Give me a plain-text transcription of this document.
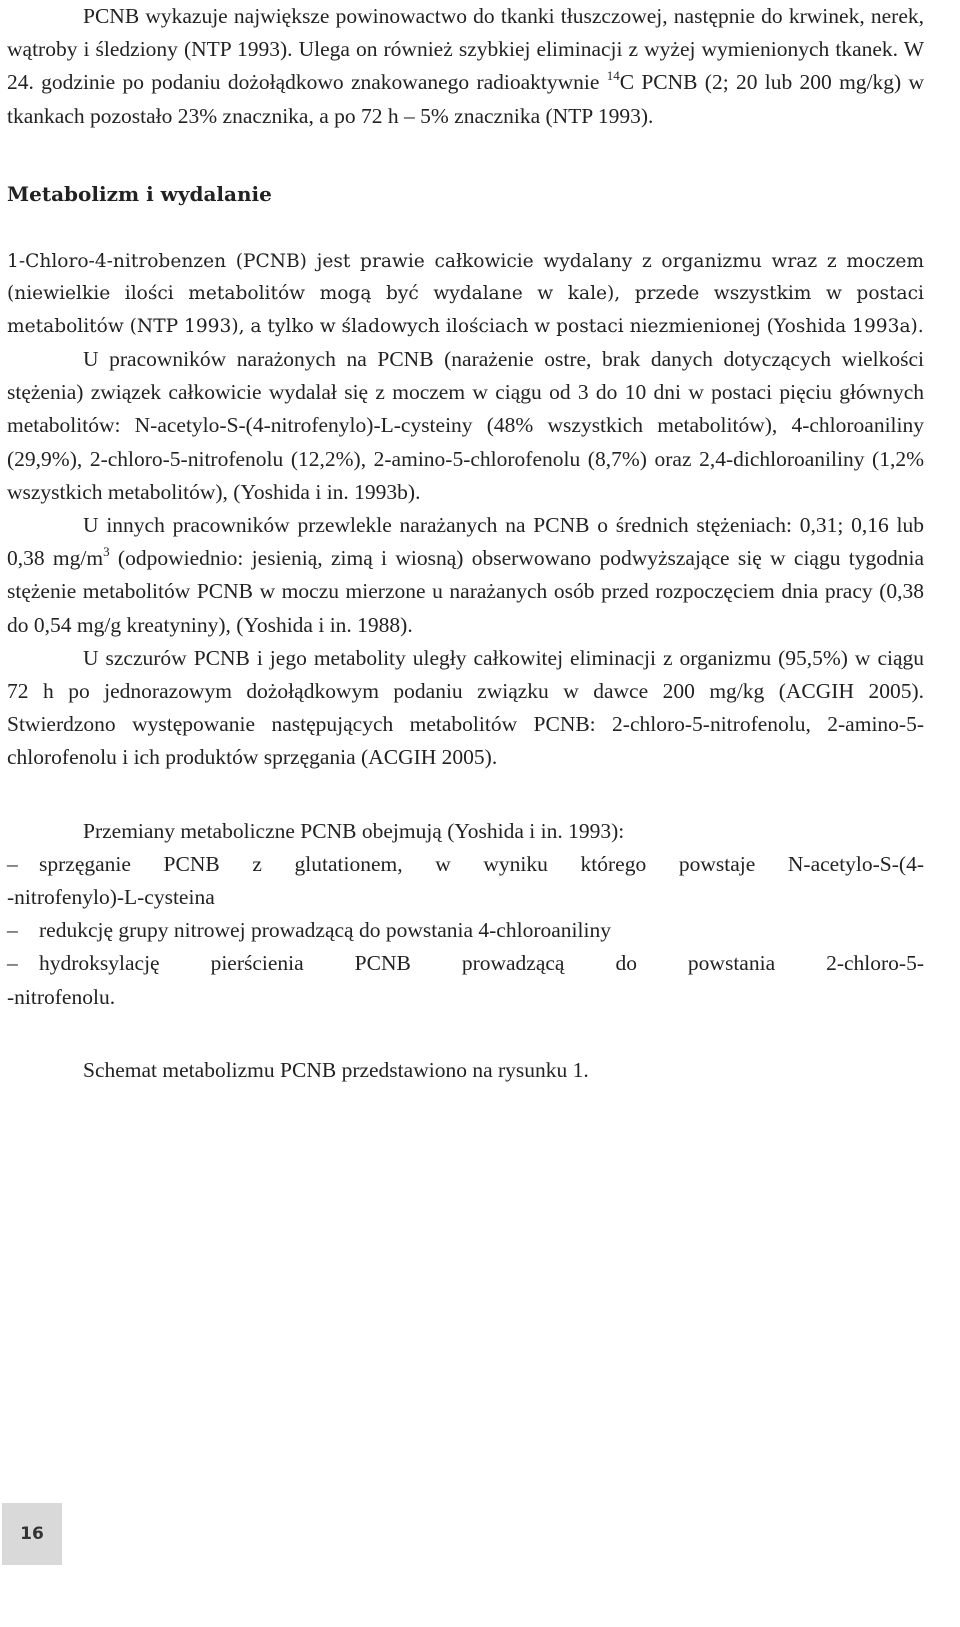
PCNB wykazuje największe powinowactwo do tkanki tłuszczowej, następnie do krwinek, nerek, wątroby i śledziony (NTP 1993). Ulega on również szybkiej eliminacji z wyżej wymienionych tkanek. W 24. godzinie po podaniu dożołądkowo znakowanego radioaktywnie $^{14}$C PCNB (2; 20 lub 200 mg/kg) w tkankach pozostało 23% znacznika, a po 72 h – 5% znacznika (NTP 1993).

Metabolizm i wydalanie

1-Chloro-4-nitrobenzen (PCNB) jest prawie całkowicie wydalany z organizmu wraz z moczem (niewielkie ilości metabolitów mogą być wydalane w kale), przede wszystkim w postaci metabolitów (NTP 1993), a tylko w śladowych ilościach w postaci niezmienionej (Yoshida 1993a).

U pracowników narażonych na PCNB (narażenie ostre, brak danych dotyczących wielkości stężenia) związek całkowicie wydalał się z moczem w ciągu od 3 do 10 dni w postaci pięciu głównych metabolitów: N-acetylo-S-(4-nitrofenylo)-L-cysteiny (48% wszystkich metabolitów), 4-chloroaniliny (29,9%), 2-chloro-5-nitrofenolu (12,2%), 2-amino-5-chlorofenolu (8,7%) oraz 2,4-dichloroaniliny (1,2% wszystkich metabolitów), (Yoshida i in. 1993b).

U innych pracowników przewlekle narażanych na PCNB o średnich stężeniach: 0,31; 0,16 lub 0,38 $mg/m^3$ (odpowiednio: jesienią, zimą i wiosną) obserwowano podwyższające się w ciągu tygodnia stężenie metabolitów PCNB w moczu mierzone u narażanych osób przed rozpoczęciem dnia pracy (0,38 do 0,54 mg/g kreatyniny), (Yoshida i in. 1988).

U szczurów PCNB i jego metabolity uległy całkowitej eliminacji z organizmu (95,5%) w ciągu 72 h po jednorazowym dożołądkowym podaniu związku w dawce 200 mg/kg (ACGIH 2005). Stwierdzono występowanie następujących metabolitów PCNB: 2-chloro-5-nitrofenolu, 2-amino-5-chlorofenolu i ich produktów sprzęgania (ACGIH 2005).

Przemiany metaboliczne PCNB obejmują (Yoshida i in. 1993):

– sprzęganie PCNB z glutationem, w wyniku którego powstaje N-acetylo-S-(4-
-nitrofenylo)-L-cysteina
– redukcję grupy nitrowej prowadzącą do powstania 4-chloroaniliny
– hydroksylację pierścienia PCNB prowadzącą do powstania 2-chloro-5-
-nitrofenolu.

Schemat metabolizmu PCNB przedstawiono na rysunku 1.

16
